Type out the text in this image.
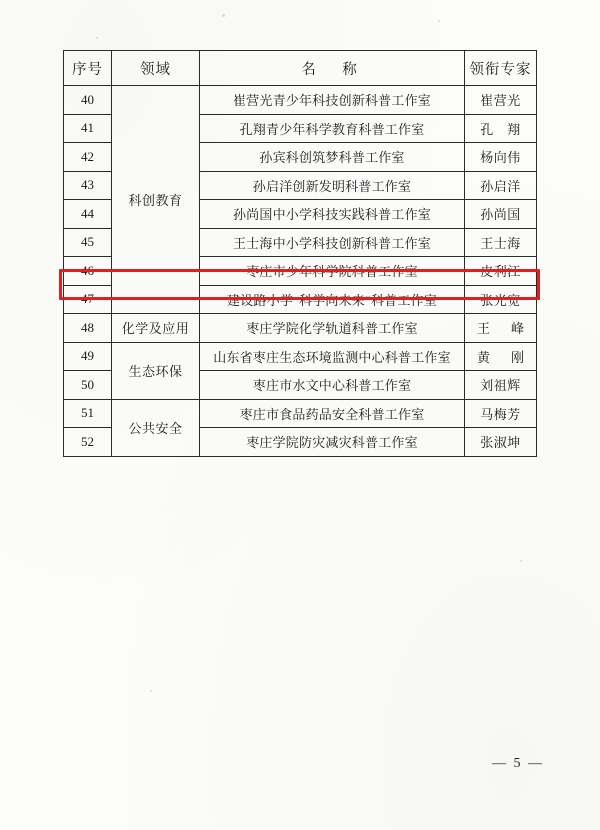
序号	领域	名　称	领衔专家
40	科创教育	崔营光青少年科技创新科普工作室	崔营光
41		孔翔青少年科学教育科普工作室	孔　翔
42		孙宾科创筑梦科普工作室	杨向伟
43		孙启洋创新发明科普工作室	孙启洋
44		孙尚国中小学科技实践科普工作室	孙尚国
45		王士海中小学科技创新科普工作室	王士海
46		枣庄市少年科学院科普工作室	皮利江
47		建设路小学“科学向未来”科普工作室	张光宽
48	化学及应用	枣庄学院化学轨道科普工作室	王　峰
49	生态环保	山东省枣庄生态环境监测中心科普工作室	黄　刚
50		枣庄市水文中心科普工作室	刘祖辉
51	公共安全	枣庄市食品药品安全科普工作室	马梅芳
52		枣庄学院防灾减灾科普工作室	张淑坤
— 5 —
